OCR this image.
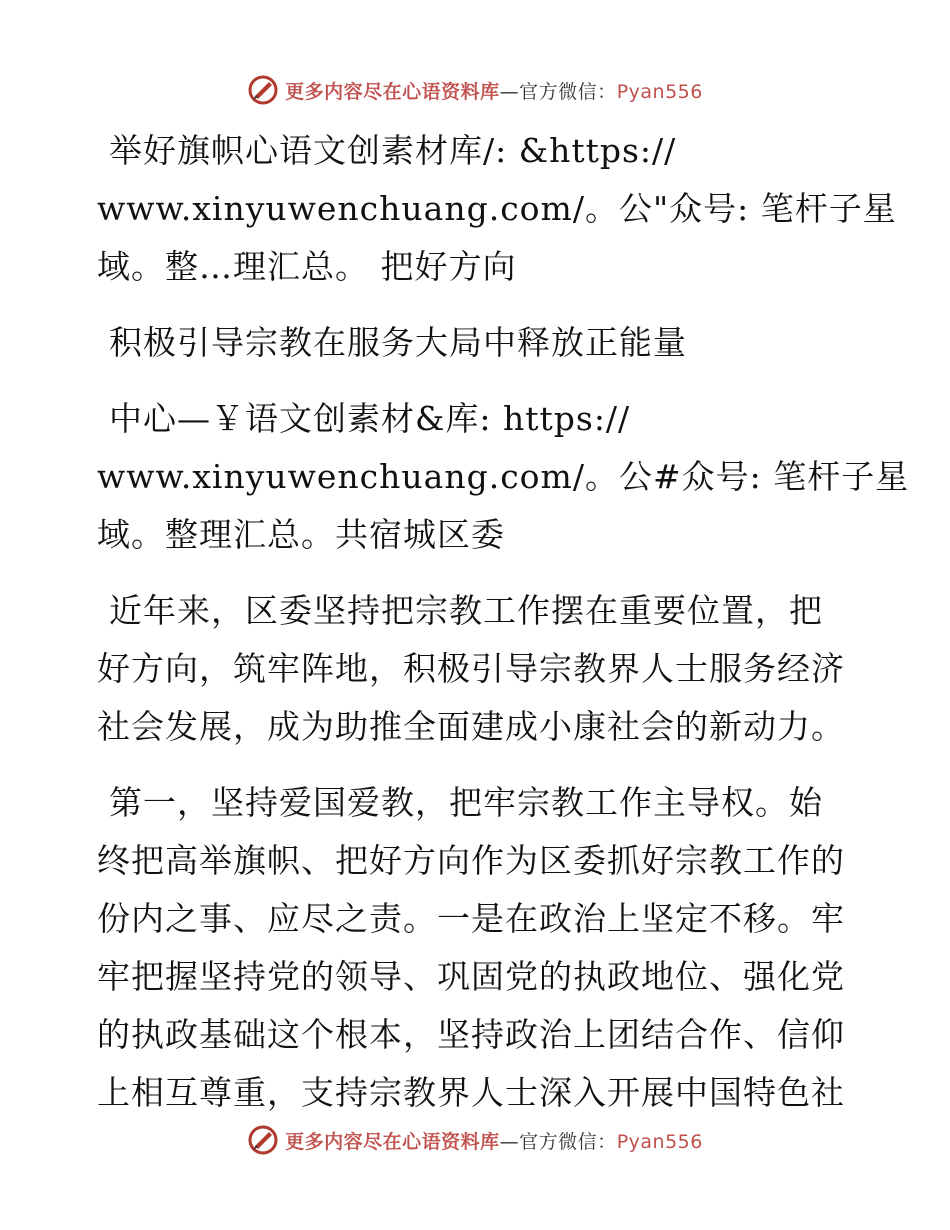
更多内容尽在心语资料库—官方微信：Pyan556
举好旗帜心语文创素材库/: &https://
www.xinyuwenchuang.com/。公"众号: 笔杆子星
域。整…理汇总。 把好方向
积极引导宗教在服务大局中释放正能量
中心—￥语文创素材&库: https://
www.xinyuwenchuang.com/。公#众号: 笔杆子星
域。整理汇总。共宿城区委
近年来，区委坚持把宗教工作摆在重要位置，把
好方向，筑牢阵地，积极引导宗教界人士服务经济
社会发展，成为助推全面建成小康社会的新动力。
第一，坚持爱国爱教，把牢宗教工作主导权。始
终把高举旗帜、把好方向作为区委抓好宗教工作的
份内之事、应尽之责。一是在政治上坚定不移。牢
牢把握坚持党的领导、巩固党的执政地位、强化党
的执政基础这个根本，坚持政治上团结合作、信仰
上相互尊重，支持宗教界人士深入开展中国特色社
更多内容尽在心语资料库—官方微信：Pyan556
